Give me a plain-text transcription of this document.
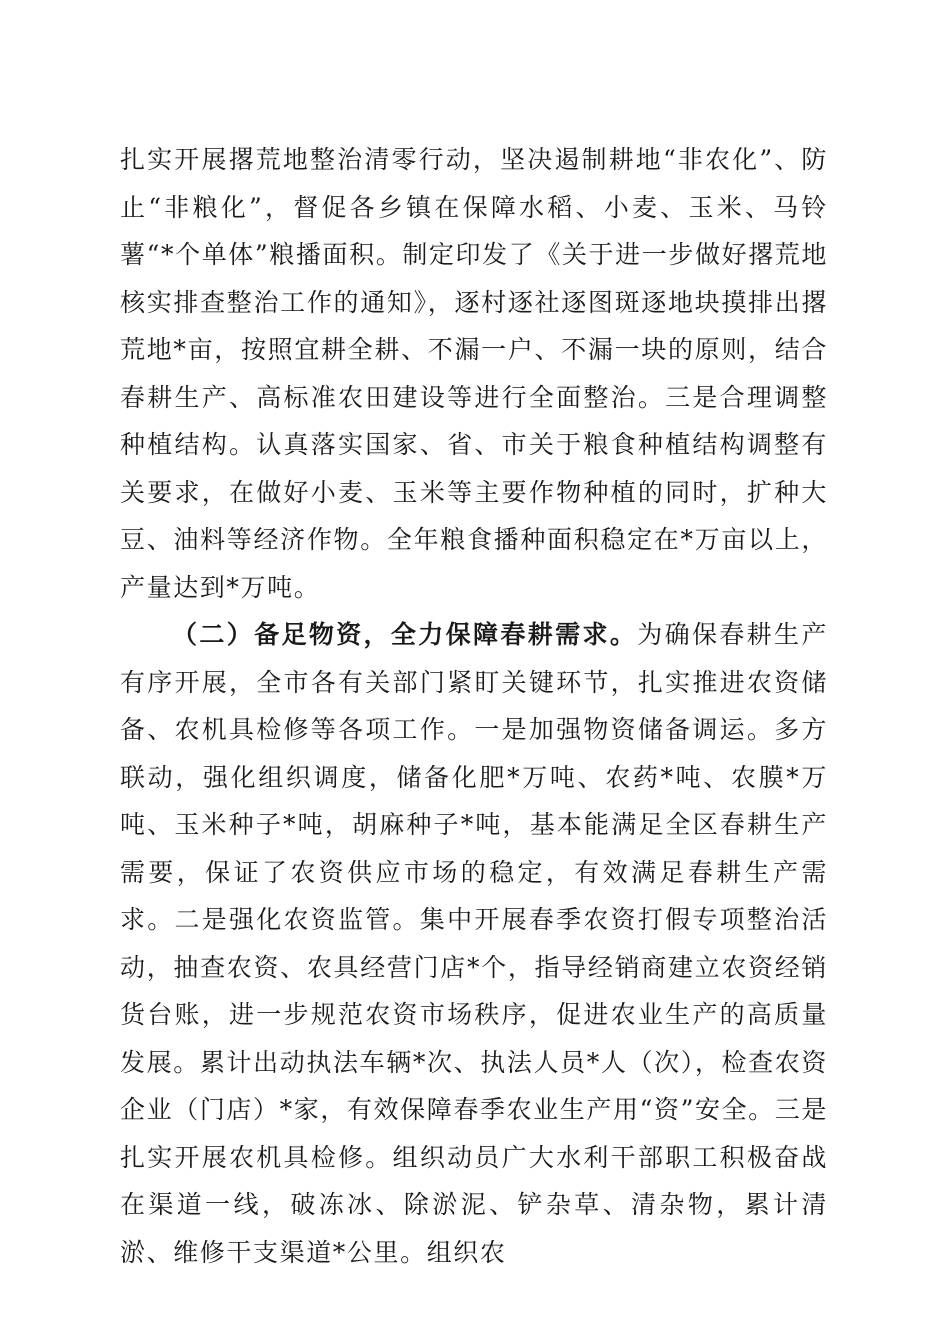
扎实开展撂荒地整治清零行动，坚决遏制耕地“非农化”、防止“非粮化”，督促各乡镇在保障水稻、小麦、玉米、马铃薯“*个单体”粮播面积。制定印发了《关于进一步做好撂荒地核实排查整治工作的通知》，逐村逐社逐图斑逐地块摸排出撂荒地*亩，按照宜耕全耕、不漏一户、不漏一块的原则，结合春耕生产、高标准农田建设等进行全面整治。三是合理调整种植结构。认真落实国家、省、市关于粮食种植结构调整有关要求，在做好小麦、玉米等主要作物种植的同时，扩种大豆、油料等经济作物。全年粮食播种面积稳定在*万亩以上，产量达到*万吨。

（二）备足物资，全力保障春耕需求。为确保春耕生产有序开展，全市各有关部门紧盯关键环节，扎实推进农资储备、农机具检修等各项工作。一是加强物资储备调运。多方联动，强化组织调度，储备化肥*万吨、农药*吨、农膜*万吨、玉米种子*吨，胡麻种子*吨，基本能满足全区春耕生产需要，保证了农资供应市场的稳定，有效满足春耕生产需求。二是强化农资监管。集中开展春季农资打假专项整治活动，抽查农资、农具经营门店*个，指导经销商建立农资经销货台账，进一步规范农资市场秩序，促进农业生产的高质量发展。累计出动执法车辆*次、执法人员*人（次），检查农资企业（门店）*家，有效保障春季农业生产用“资”安全。三是扎实开展农机具检修。组织动员广大水利干部职工积极奋战在渠道一线，破冻冰、除淤泥、铲杂草、清杂物，累计清淤、维修干支渠道*公里。组织农
